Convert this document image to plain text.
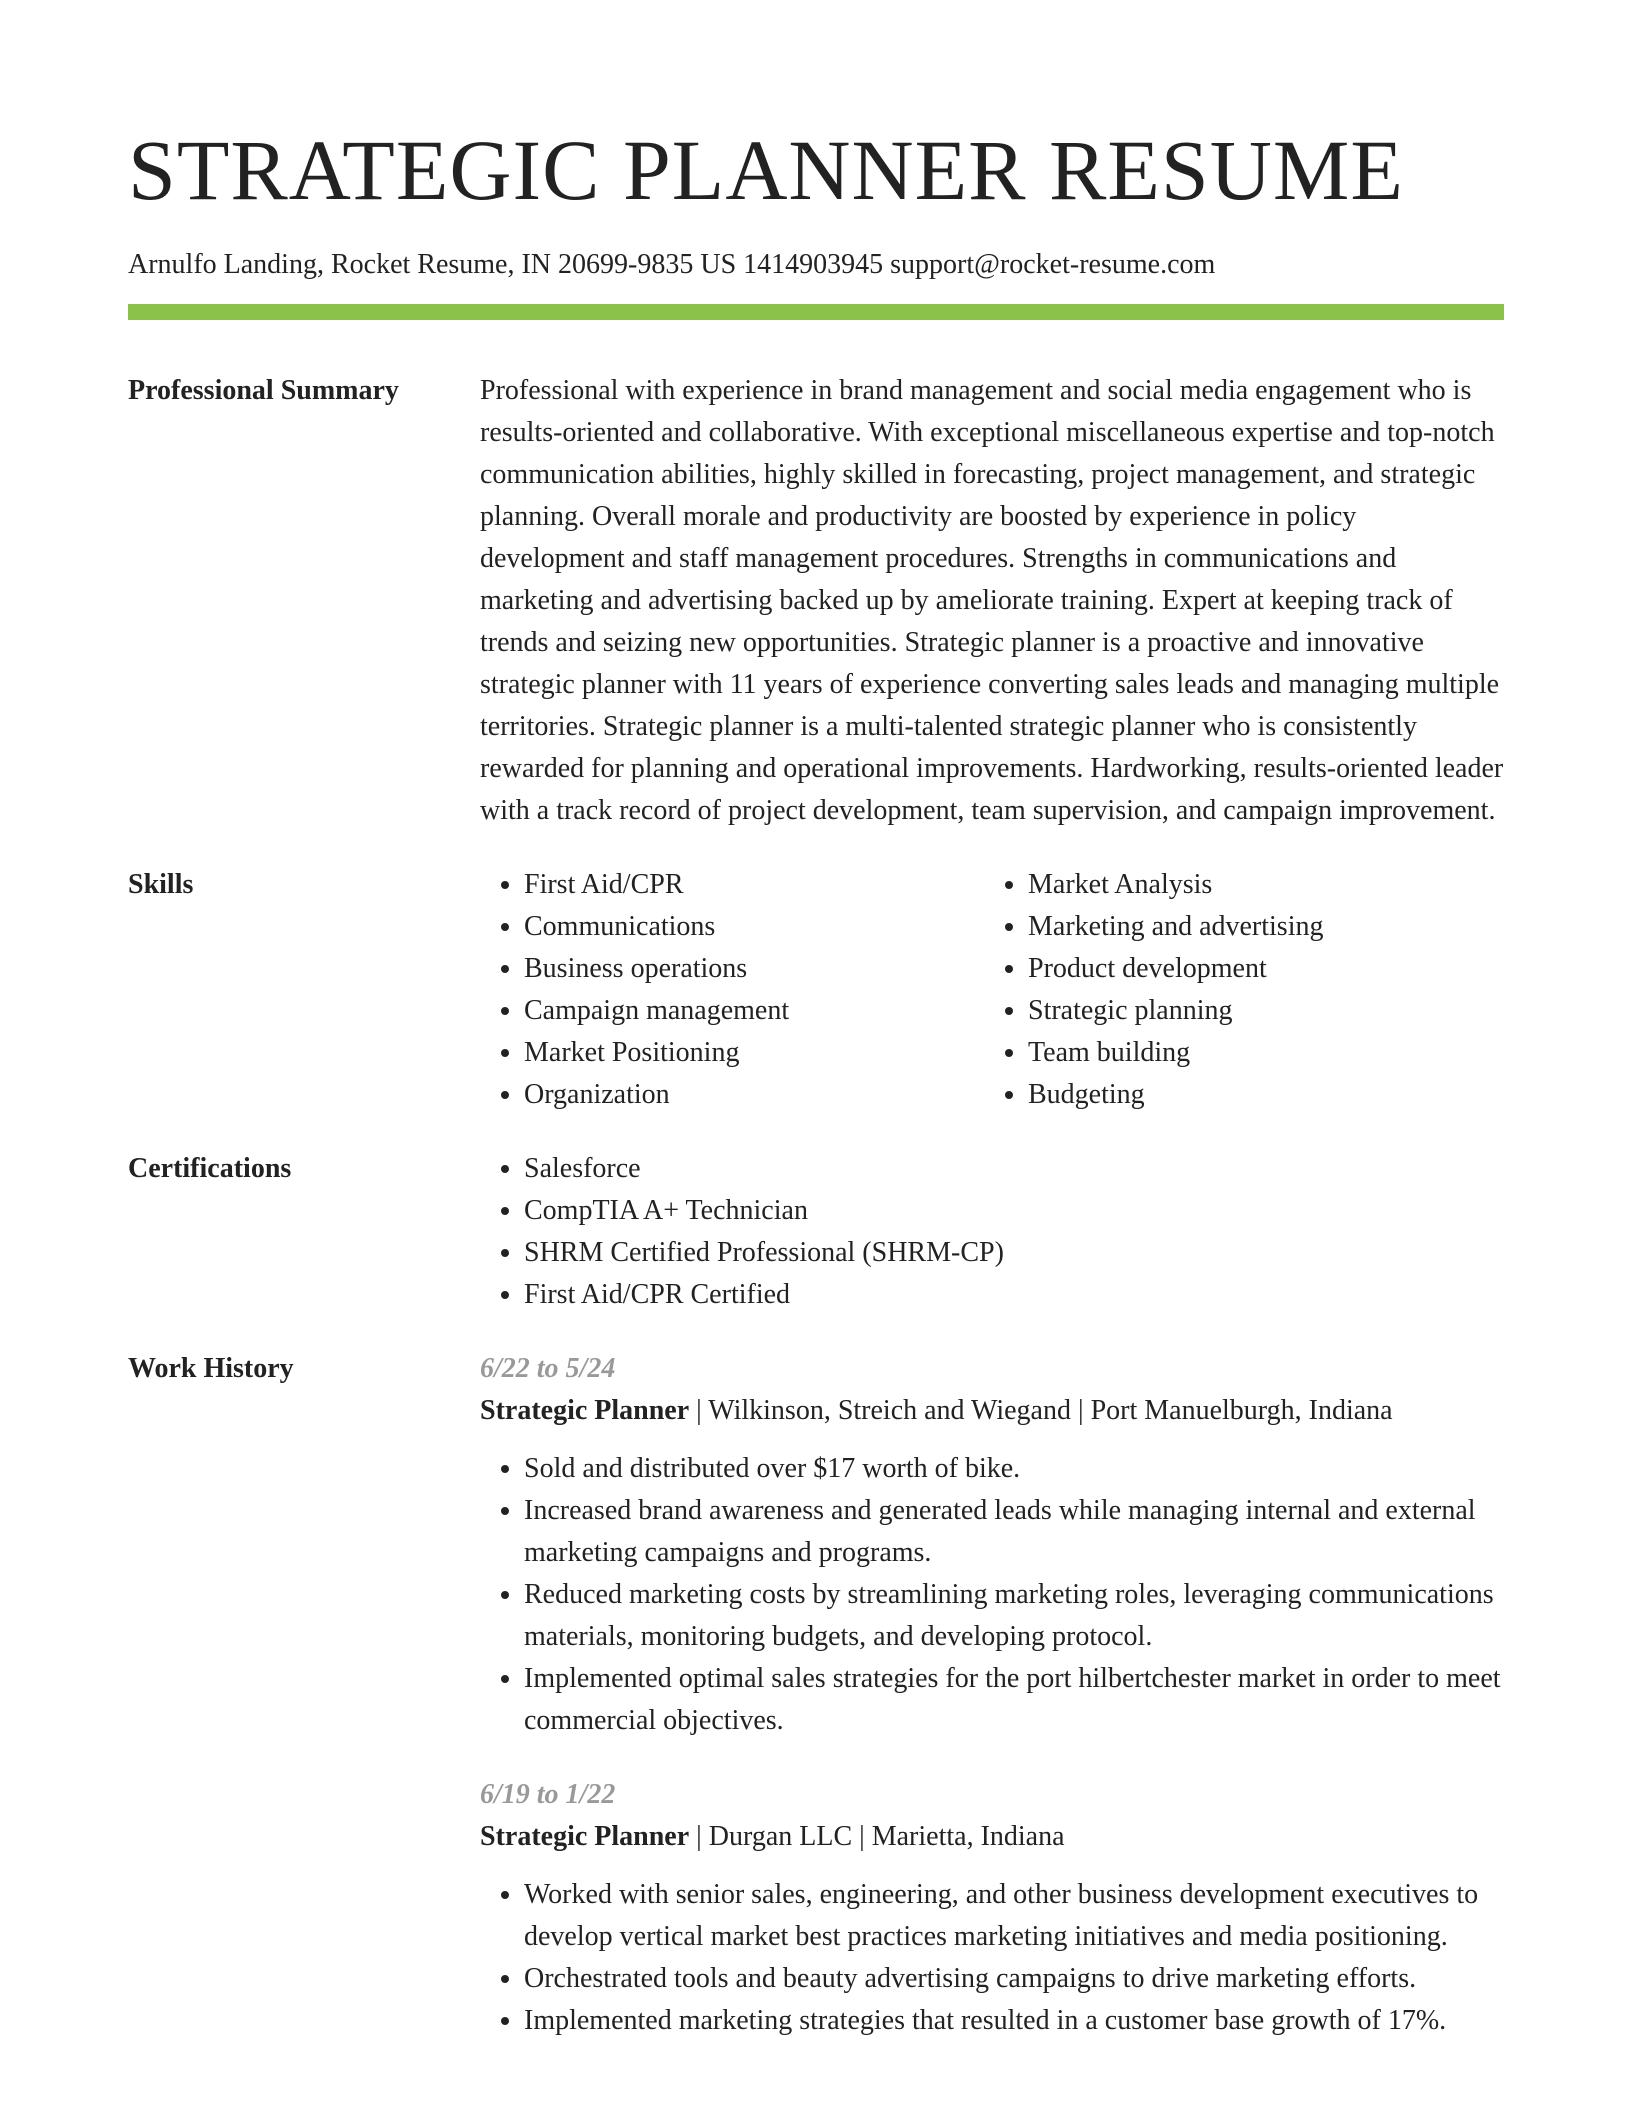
STRATEGIC PLANNER RESUME
Arnulfo Landing, Rocket Resume, IN 20699-9835 US 1414903945 support@rocket-resume.com
Professional Summary	Professional with experience in brand management and social media engagement who is results-oriented and collaborative. With exceptional miscellaneous expertise and top-notch communication abilities, highly skilled in forecasting, project management, and strategic planning. Overall morale and productivity are boosted by experience in policy development and staff management procedures. Strengths in communications and marketing and advertising backed up by ameliorate training. Expert at keeping track of trends and seizing new opportunities. Strategic planner is a proactive and innovative strategic planner with 11 years of experience converting sales leads and managing multiple territories. Strategic planner is a multi-talented strategic planner who is consistently rewarded for planning and operational improvements. Hardworking, results-oriented leader with a track record of project development, team supervision, and campaign improvement.
Skills	• First Aid/CPR
• Communications
• Business operations
• Campaign management
• Market Positioning
• Organization
• Market Analysis
• Marketing and advertising
• Product development
• Strategic planning
• Team building
• Budgeting
Certifications	• Salesforce
• CompTIA A+ Technician
• SHRM Certified Professional (SHRM-CP)
• First Aid/CPR Certified
Work History	6/22 to 5/24
Strategic Planner | Wilkinson, Streich and Wiegand | Port Manuelburgh, Indiana
• Sold and distributed over $17 worth of bike.
• Increased brand awareness and generated leads while managing internal and external marketing campaigns and programs.
• Reduced marketing costs by streamlining marketing roles, leveraging communications materials, monitoring budgets, and developing protocol.
• Implemented optimal sales strategies for the port hilbertchester market in order to meet commercial objectives.
6/19 to 1/22
Strategic Planner | Durgan LLC | Marietta, Indiana
• Worked with senior sales, engineering, and other business development executives to develop vertical market best practices marketing initiatives and media positioning.
• Orchestrated tools and beauty advertising campaigns to drive marketing efforts.
• Implemented marketing strategies that resulted in a customer base growth of 17%.
